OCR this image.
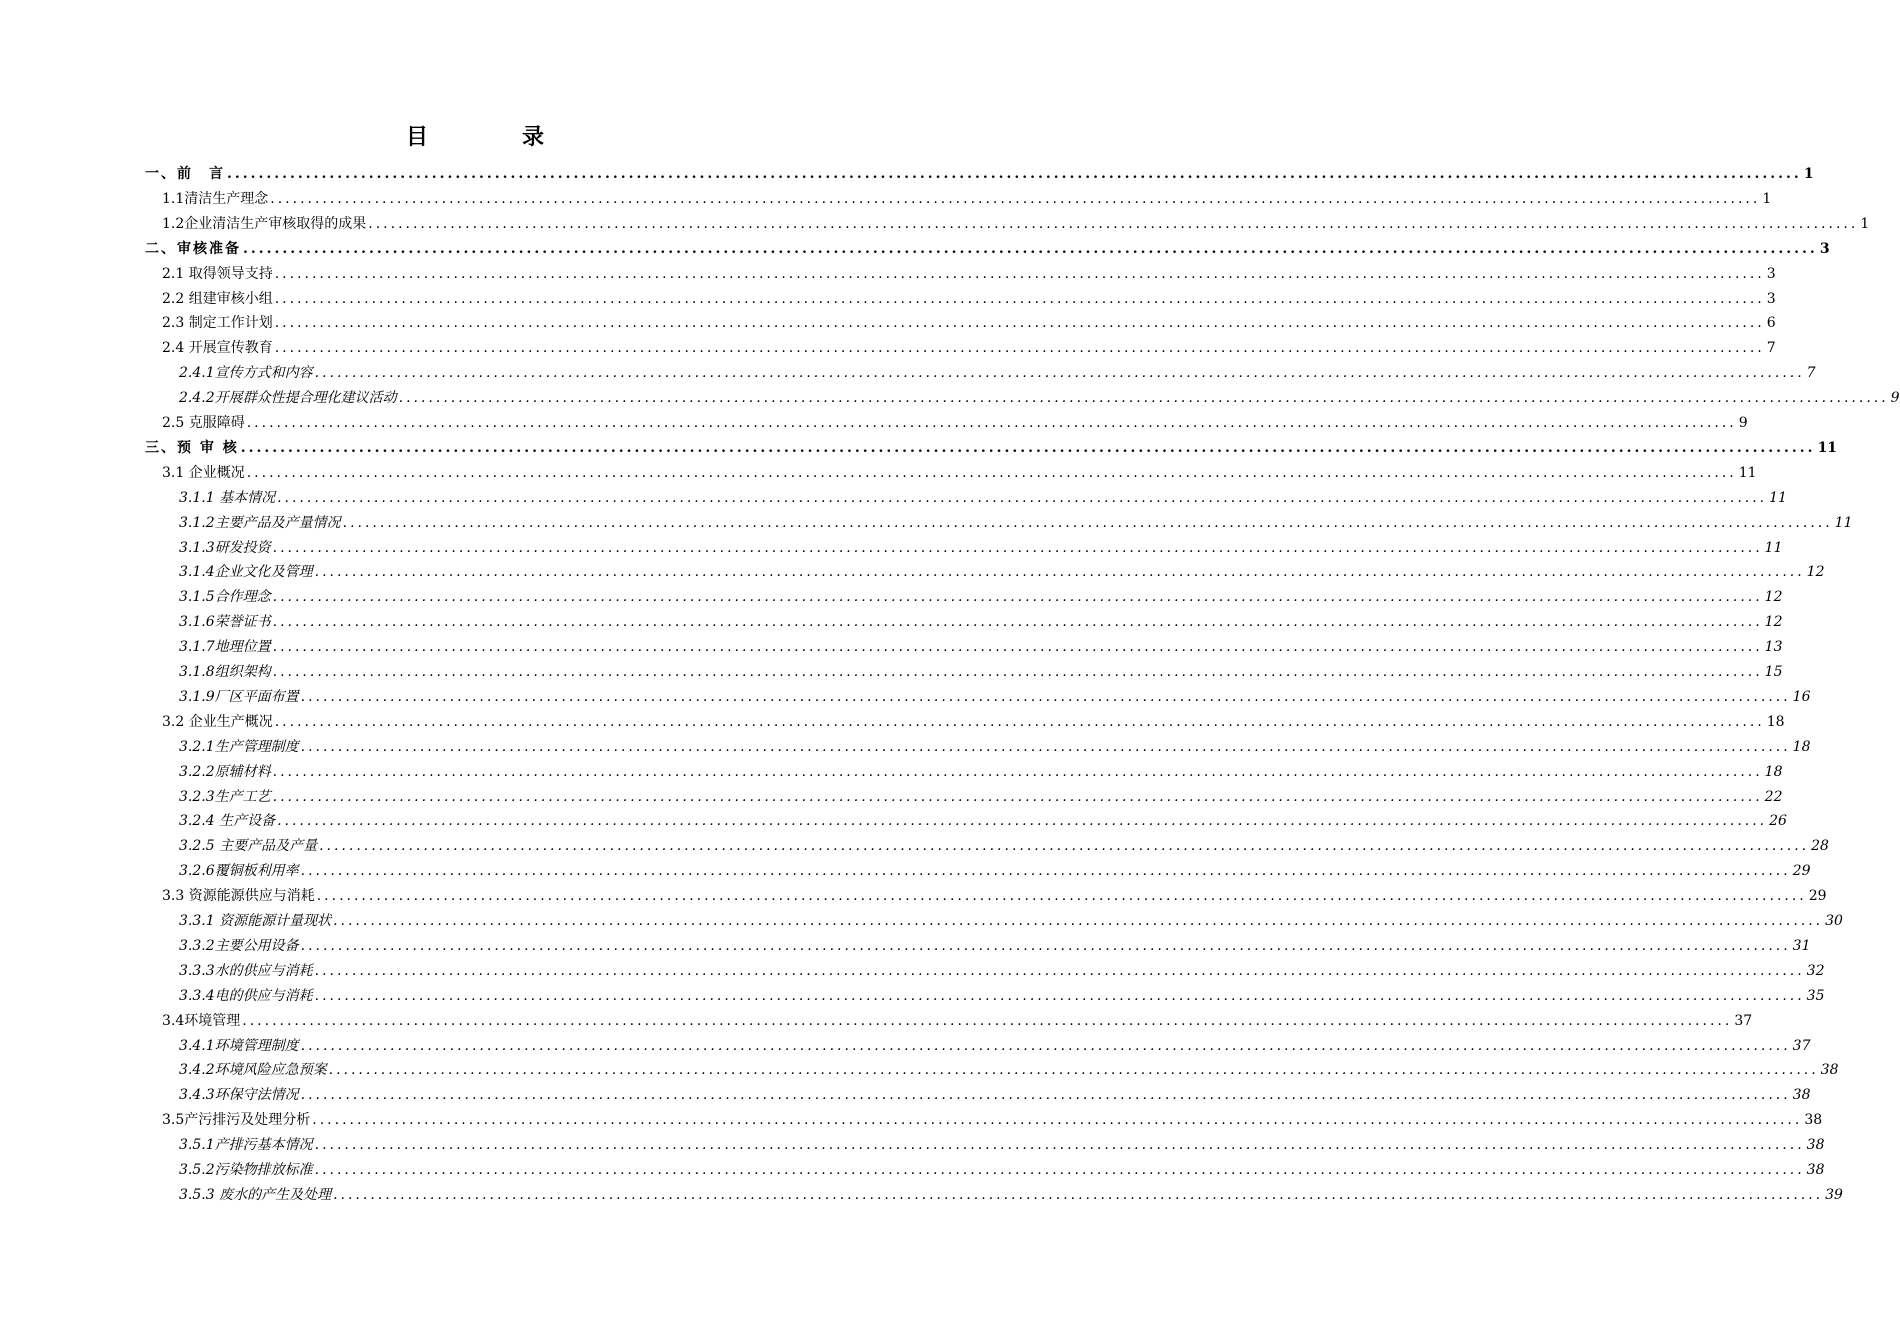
目　录
一、前　言 ........................................................................................................................................................................................................ 1
1.1清洁生产理念 ........................................................................................................................................................................................................ 1
1.2企业清洁生产审核取得的成果 ........................................................................................................................................................................................................ 1
二、审核准备 ........................................................................................................................................................................................................ 3
2.1 取得领导支持 ........................................................................................................................................................................................................ 3
2.2 组建审核小组 ........................................................................................................................................................................................................ 3
2.3 制定工作计划 ........................................................................................................................................................................................................ 6
2.4 开展宣传教育 ........................................................................................................................................................................................................ 7
2.4.1宣传方式和内容 ........................................................................................................................................................................................................ 7
2.4.2开展群众性提合理化建议活动 ........................................................................................................................................................................................................ 9
2.5 克服障碍 ........................................................................................................................................................................................................ 9
三、预 审 核 ........................................................................................................................................................................................................ 11
3.1 企业概况 ........................................................................................................................................................................................................ 11
3.1.1 基本情况 ........................................................................................................................................................................................................ 11
3.1.2主要产品及产量情况 ........................................................................................................................................................................................................ 11
3.1.3研发投资 ........................................................................................................................................................................................................ 11
3.1.4企业文化及管理 ........................................................................................................................................................................................................ 12
3.1.5合作理念 ........................................................................................................................................................................................................ 12
3.1.6荣誉证书 ........................................................................................................................................................................................................ 12
3.1.7地理位置 ........................................................................................................................................................................................................ 13
3.1.8组织架构 ........................................................................................................................................................................................................ 15
3.1.9厂区平面布置 ........................................................................................................................................................................................................ 16
3.2 企业生产概况 ........................................................................................................................................................................................................ 18
3.2.1生产管理制度 ........................................................................................................................................................................................................ 18
3.2.2原辅材料 ........................................................................................................................................................................................................ 18
3.2.3生产工艺 ........................................................................................................................................................................................................ 22
3.2.4 生产设备 ........................................................................................................................................................................................................ 26
3.2.5 主要产品及产量 ........................................................................................................................................................................................................ 28
3.2.6覆铜板利用率 ........................................................................................................................................................................................................ 29
3.3 资源能源供应与消耗 ........................................................................................................................................................................................................ 29
3.3.1 资源能源计量现状 ........................................................................................................................................................................................................ 30
3.3.2主要公用设备 ........................................................................................................................................................................................................ 31
3.3.3水的供应与消耗 ........................................................................................................................................................................................................ 32
3.3.4电的供应与消耗 ........................................................................................................................................................................................................ 35
3.4环境管理 ........................................................................................................................................................................................................ 37
3.4.1环境管理制度 ........................................................................................................................................................................................................ 37
3.4.2环境风险应急预案 ........................................................................................................................................................................................................ 38
3.4.3环保守法情况 ........................................................................................................................................................................................................ 38
3.5产污排污及处理分析 ........................................................................................................................................................................................................ 38
3.5.1产排污基本情况 ........................................................................................................................................................................................................ 38
3.5.2污染物排放标准 ........................................................................................................................................................................................................ 38
3.5.3 废水的产生及处理 ........................................................................................................................................................................................................ 39
